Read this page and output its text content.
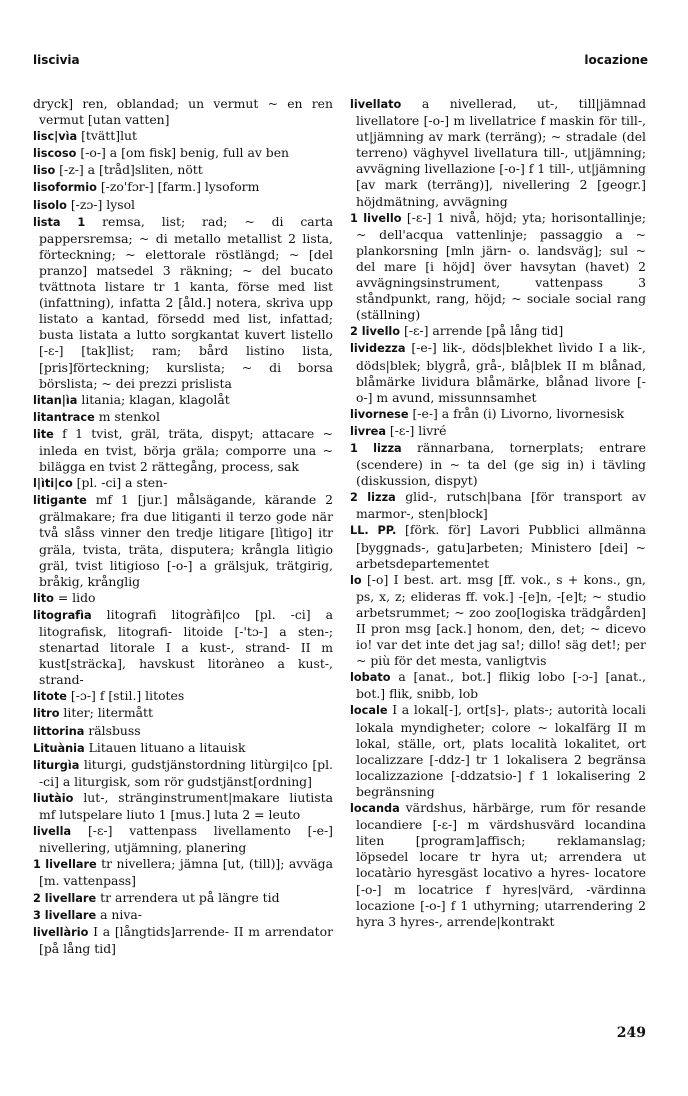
liscivia	locazione

dryck] ren, oblandad; un vermut ~ en ren vermut [utan vatten]

lisc|vìa [tvätt]lut

liscoso [-o-] a [om fisk] benig, full av ben

liso [-z-] a [tråd]sliten, nött

lisoformio [-zo'fɔr-] [farm.] lysoform

lisolo [-zɔ-] lysol

lista 1 remsa, list; rad; ~ di carta pappersremsa; ~ di metallo metallist 2 lista, förteckning; ~ elettorale röstlängd; ~ [del pranzo] matsedel 3 räkning; ~ del bucato tvättnota listare tr 1 kanta, förse med list (infattning), infatta 2 [åld.] notera, skriva upp listato a kantad, försedd med list, infattad; busta listata a lutto sorgkantat kuvert listello [-ɛ-] [tak]list; ram; bård listino lista, [pris]förteckning; kurslista; ~ di borsa börslista; ~ dei prezzi prislista

litan|ìa litania; klagan, klagolåt

litantrace m stenkol

lite f 1 tvist, gräl, träta, dispyt; attacare ~ inleda en tvist, börja gräla; comporre una ~ bilägga en tvist 2 rättegång, process, sak

l|ìti|co [pl. -ci] a sten-

litigante mf 1 [jur.] målsägande, kärande 2 grälmakare; fra due litiganti il terzo gode när två slåss vinner den tredje litigare [lìtigo] itr gräla, tvista, träta, disputera; krångla litìgio gräl, tvist litigioso [-o-] a grälsjuk, trätgirig, bråkig, krånglig

lito = lido

litografìa litografi litogràfi|co [pl. -ci] a litografisk, litografi- litoide [-'tɔ-] a sten-; stenartad litorale I a kust-, strand- II m kust[sträcka], havskust litoràneo a kust-, strand-

litote [-ɔ-] f [stil.] litotes

litro liter; litermått

littorina rälsbuss

Lituània Litauen lituano a litauisk

liturgìa liturgi, gudstjänstordning litùrgi|co [pl. -ci] a liturgisk, som rör gudstjänst[ordning]

liutàio lut-, stränginstrument|makare liutista mf lutspelare liuto 1 [mus.] luta 2 = leuto

livella [-ɛ-] vattenpass livellamento [-e-] nivellering, utjämning, planering

1 livellare tr nivellera; jämna [ut, (till)]; avväga [m. vattenpass]

2 livellare tr arrendera ut på längre tid

3 livellare a niva-

livellàrio I a [långtids]arrende- II m arrendator [på lång tid]

livellato a nivellerad, ut-, till|jämnad livellatore [-o-] m livellatrice f maskin för till-, ut|jämning av mark (terräng); ~ stradale (del terreno) väghyvel livellatura till-, ut|jämning; avvägning livellazione [-o-] f 1 till-, ut|jämning [av mark (terräng)], nivellering 2 [geogr.] höjdmätning, avvägning

1 livello [-ɛ-] 1 nivå, höjd; yta; horisontallinje; ~ dell'acqua vattenlinje; passaggio a ~ plankorsning [mln järn- o. landsväg]; sul ~ del mare [i höjd] över havsytan (havet) 2 avvägningsinstrument, vattenpass 3 ståndpunkt, rang, höjd; ~ sociale social rang (ställning)

2 livello [-ɛ-] arrende [på lång tid]

lividezza [-e-] lik-, döds|blekhet lìvido I a lik-, döds|blek; blygrå, grå-, blå|blek II m blånad, blåmärke lividura blåmärke, blånad livore [-o-] m avund, missunnsamhet

livornese [-e-] a från (i) Livorno, livornesisk

livrea [-ɛ-] livré

1 lizza rännarbana, tornerplats; entrare (scendere) in ~ ta del (ge sig in) i tävling (diskussion, dispyt)

2 lizza glid-, rutsch|bana [för transport av marmor-, sten|block]

LL. PP. [förk. för] Lavori Pubblici allmänna [byggnads-, gatu]arbeten; Ministero [dei] ~ arbetsdepartementet

lo [-o] I best. art. msg [ff. vok., s + kons., gn, ps, x, z; elideras ff. vok.] -[e]n, -[e]t; ~ studio arbetsrummet; ~ zoo zoo[logiska trädgården] II pron msg [ack.] honom, den, det; ~ dicevo io! var det inte det jag sa!; dillo! säg det!; per ~ più för det mesta, vanligtvis

lobato a [anat., bot.] flikig lobo [-ɔ-] [anat., bot.] flik, snibb, lob

locale I a lokal[-], ort[s]-, plats-; autorità locali lokala myndigheter; colore ~ lokalfärg II m lokal, ställe, ort, plats località lokalitet, ort localizzare [-ddz-] tr 1 lokalisera 2 begränsa localizzazione [-ddzatsio-] f 1 lokalisering 2 begränsning

locanda värdshus, härbärge, rum för resande locandiere [-ɛ-] m värdshusvärd locandina liten [program]affisch; reklamanslag; löpsedel locare tr hyra ut; arrendera ut locatàrio hyresgäst locativo a hyres- locatore [-o-] m locatrice f hyres|värd, -värdinna locazione [-o-] f 1 uthyrning; utarrendering 2 hyra 3 hyres-, arrende|kontrakt

249
